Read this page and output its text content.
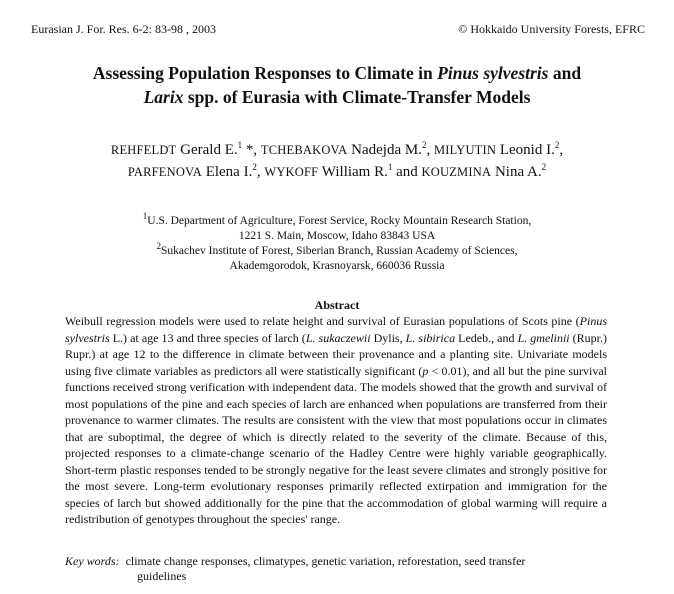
Eurasian J. For. Res. 6-2: 83-98 , 2003	© Hokkaido University Forests, EFRC
Assessing Population Responses to Climate in Pinus sylvestris and
Larix spp. of Eurasia with Climate-Transfer Models
REHFELDT Gerald E.$^1$ *, TCHEBAKOVA Nadejda M.$^2$, MILYUTIN Leonid I.$^2$,
PARFENOVA Elena I.$^2$, WYKOFF William R.$^1$ and KOUZMINA Nina A.$^2$
$^1$U.S. Department of Agriculture, Forest Service, Rocky Mountain Research Station,
1221 S. Main, Moscow, Idaho 83843 USA
$^2$Sukachev Institute of Forest, Siberian Branch, Russian Academy of Sciences,
Akademgorodok, Krasnoyarsk, 660036 Russia
Abstract

Weibull regression models were used to relate height and survival of Eurasian populations of Scots pine (Pinus sylvestris L.) at age 13 and three species of larch (L. sukaczewii Dylis, L. sibirica Ledeb., and L. gmelinii (Rupr.) Rupr.) at age 12 to the difference in climate between their provenance and a planting site. Univariate models using five climate variables as predictors all were statistically significant (p < 0.01), and all but the pine survival functions received strong verification with independent data. The models showed that the growth and survival of most populations of the pine and each species of larch are enhanced when populations are transferred from their provenance to warmer climates. The results are consistent with the view that most populations occur in climates that are suboptimal, the degree of which is directly related to the severity of the climate. Because of this, projected responses to a climate-change scenario of the Hadley Centre were highly variable geographically. Short-term plastic responses tended to be strongly negative for the least severe climates and strongly positive for the most severe. Long-term evolutionary responses primarily reflected extirpation and immigration for the species of larch but showed additionally for the pine that the accommodation of global warming will require a redistribution of genotypes throughout the species' range.

Key words: climate change responses, climatypes, genetic variation, reforestation, seed transfer
guidelines
